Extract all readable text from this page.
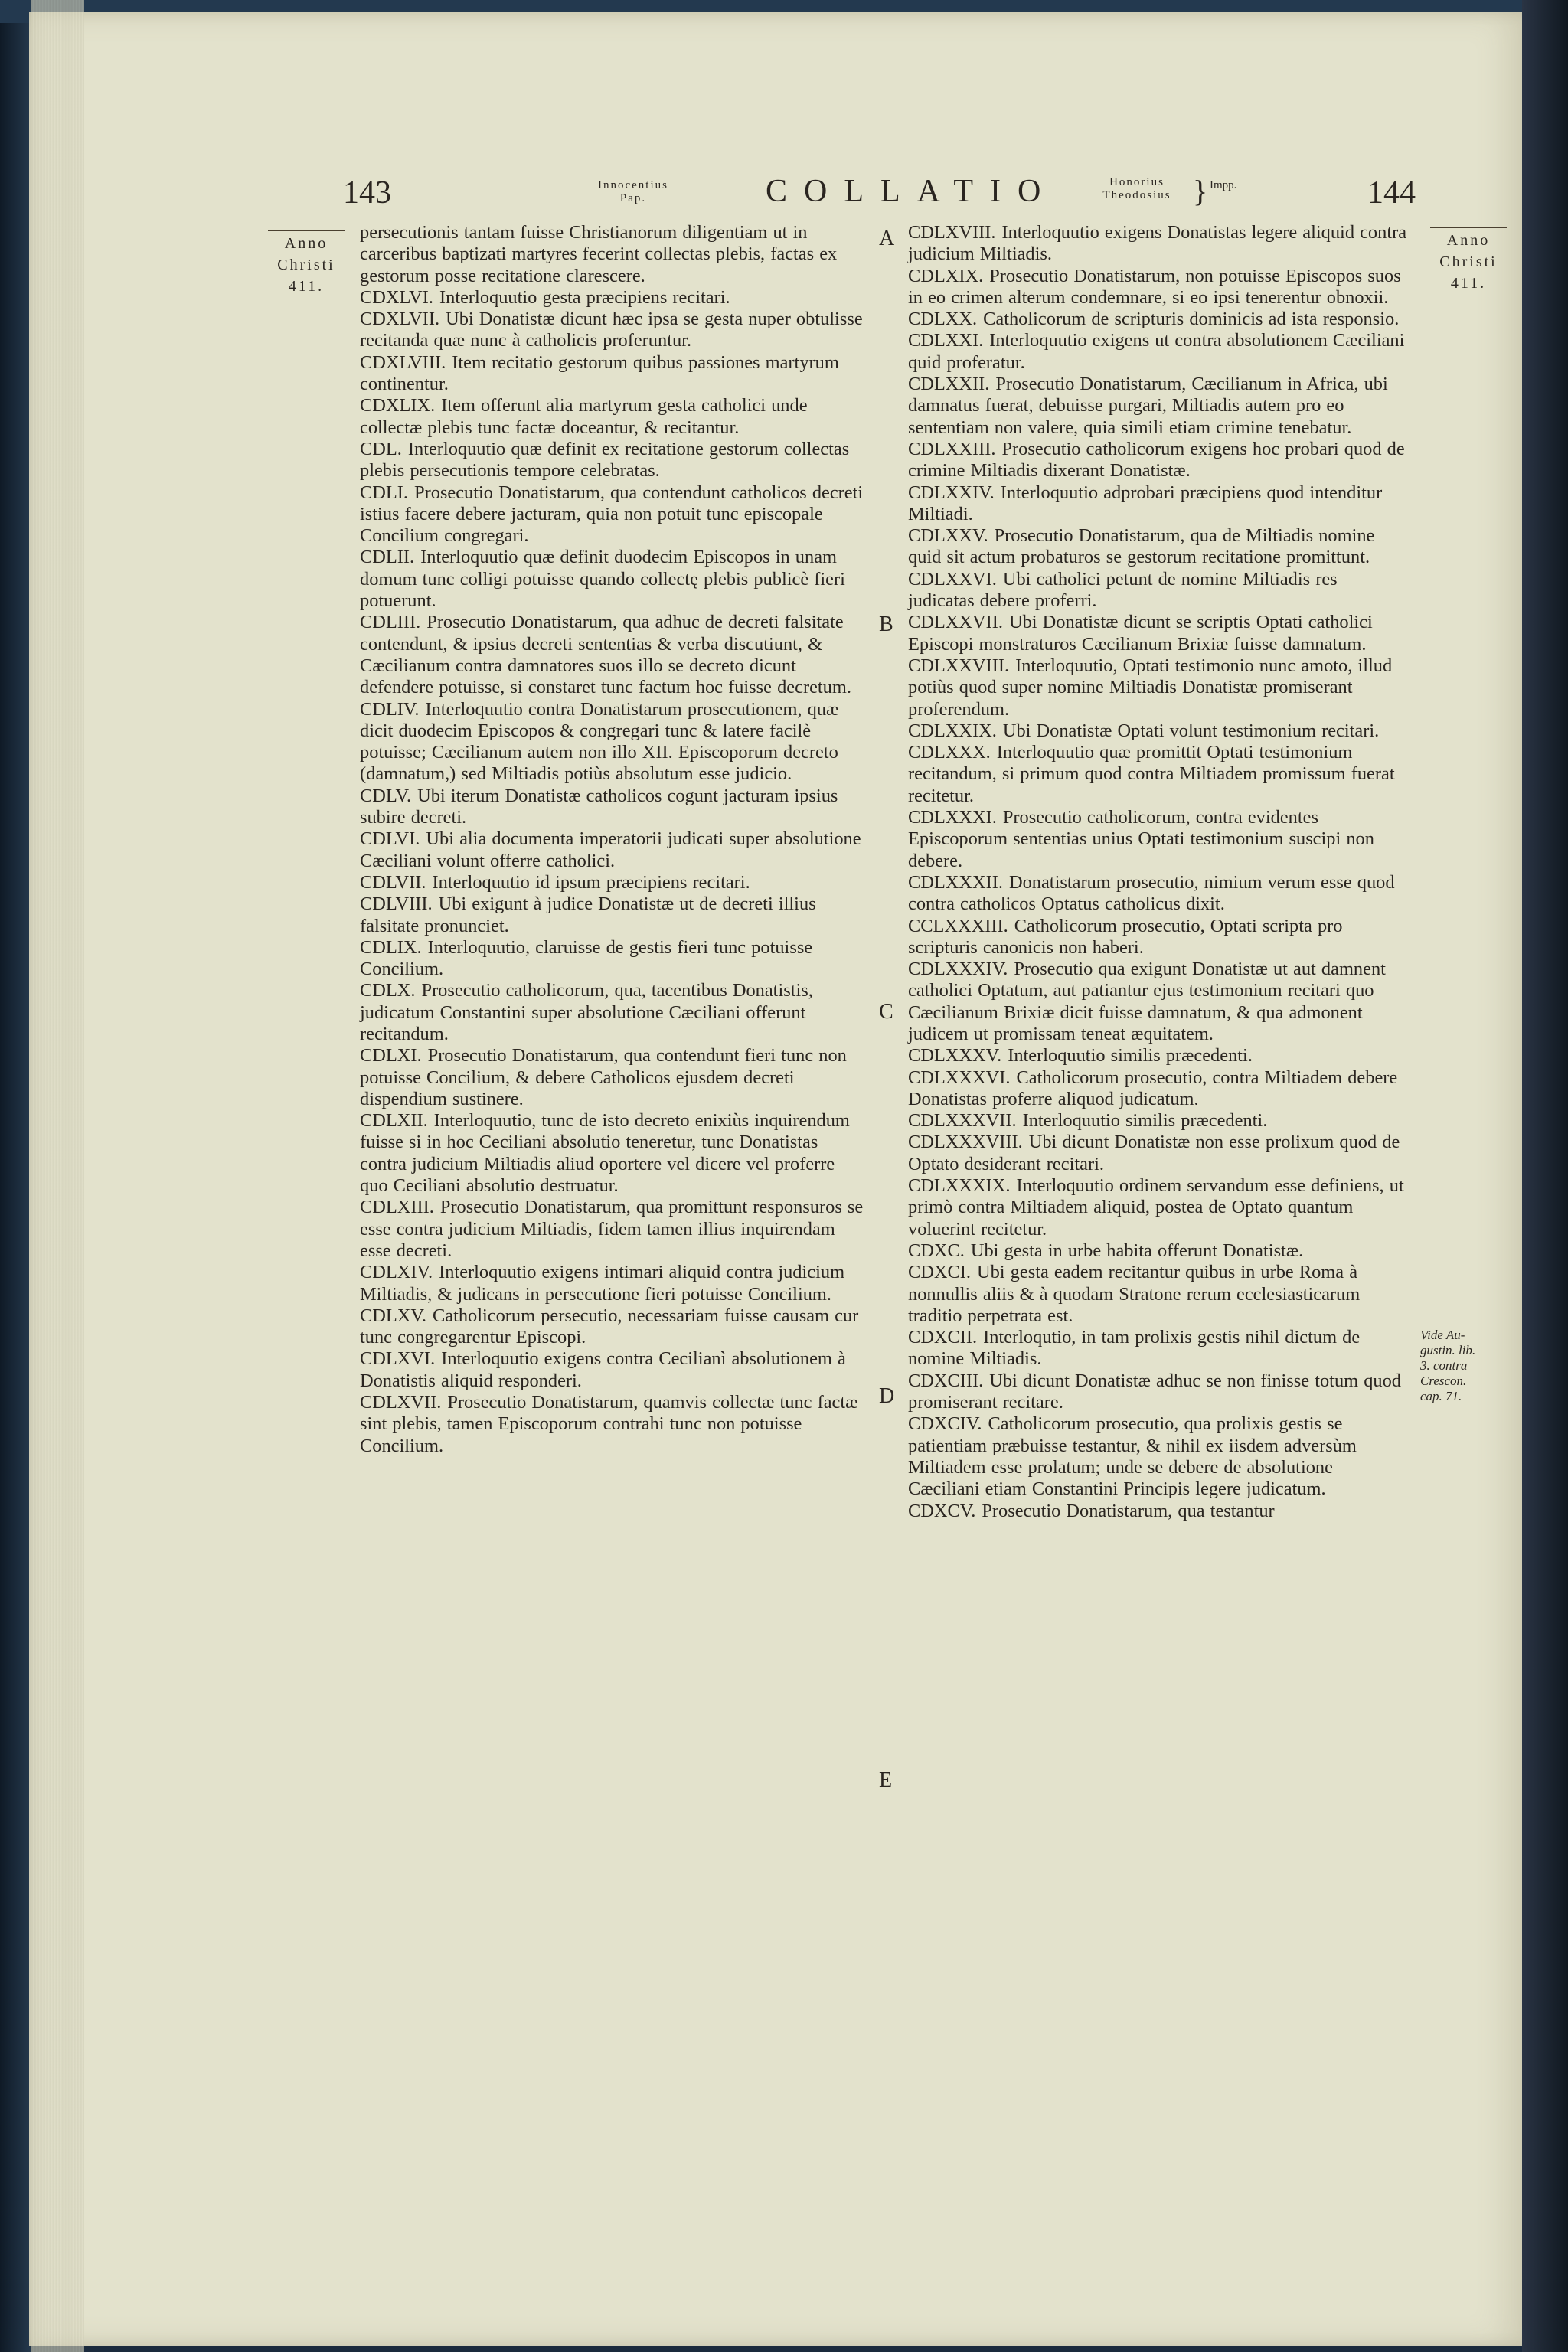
143	Innocentius
Pap.	COLLATIO	Honorius
Theodosius } Impp.	144
Anno
Christi
411.
Anno
Christi
411.
A
B
C
D
E
Vide Au-
gustin. lib.
3. contra
Crescon.
cap. 71.

persecutionis tantam fuisse Christianorum diligentiam ut in carceribus baptizati martyres fecerint collectas plebis, factas ex gestorum posse recitatione clarescere.

CDXLVI. Interloquutio gesta præcipiens recitari.

CDXLVII. Ubi Donatistæ dicunt hæc ipsa se gesta nuper obtulisse recitanda quæ nunc à catholicis proferuntur.

CDXLVIII. Item recitatio gestorum quibus passiones martyrum continentur.

CDXLIX. Item offerunt alia martyrum gesta catholici unde collectæ plebis tunc factæ doceantur, & recitantur.

CDL. Interloquutio quæ definit ex recitatione gestorum collectas plebis persecutionis tempore celebratas.

CDLI. Prosecutio Donatistarum, qua contendunt catholicos decreti istius facere debere jacturam, quia non potuit tunc episcopale Concilium congregari.

CDLII. Interloquutio quæ definit duodecim Episcopos in unam domum tunc colligi potuisse quando collectę plebis publicè fieri potuerunt.

CDLIII. Prosecutio Donatistarum, qua adhuc de decreti falsitate contendunt, & ipsius decreti sententias & verba discutiunt, & Cæcilianum contra damnatores suos illo se decreto dicunt defendere potuisse, si constaret tunc factum hoc fuisse decretum.

CDLIV. Interloquutio contra Donatistarum prosecutionem, quæ dicit duodecim Episcopos & congregari tunc & latere facilè potuisse; Cæcilianum autem non illo XII. Episcoporum decreto (damnatum,) sed Miltiadis potiùs absolutum esse judicio.

CDLV. Ubi iterum Donatistæ catholicos cogunt jacturam ipsius subire decreti.

CDLVI. Ubi alia documenta imperatorii judicati super absolutione Cæciliani volunt offerre catholici.

CDLVII. Interloquutio id ipsum præcipiens recitari.

CDLVIII. Ubi exigunt à judice Donatistæ ut de decreti illius falsitate pronunciet.

CDLIX. Interloquutio, claruisse de gestis fieri tunc potuisse Concilium.

CDLX. Prosecutio catholicorum, qua, tacentibus Donatistis, judicatum Constantini super absolutione Cæciliani offerunt recitandum.

CDLXI. Prosecutio Donatistarum, qua contendunt fieri tunc non potuisse Concilium, & debere Catholicos ejusdem decreti dispendium sustinere.

CDLXII. Interloquutio, tunc de isto decreto enixiùs inquirendum fuisse si in hoc Ceciliani absolutio teneretur, tunc Donatistas contra judicium Miltiadis aliud oportere vel dicere vel proferre quo Ceciliani absolutio destruatur.

CDLXIII. Prosecutio Donatistarum, qua promittunt responsuros se esse contra judicium Miltiadis, fidem tamen illius inquirendam esse decreti.

CDLXIV. Interloquutio exigens intimari aliquid contra judicium Miltiadis, & judicans in persecutione fieri potuisse Concilium.

CDLXV. Catholicorum persecutio, necessariam fuisse causam cur tunc congregarentur Episcopi.

CDLXVI. Interloquutio exigens contra Cecilianì absolutionem à Donatistis aliquid responderi.

CDLXVII. Prosecutio Donatistarum, quamvis collectæ tunc factæ sint plebis, tamen Episcoporum contrahi tunc non potuisse Concilium.

CDLXVIII. Interloquutio exigens Donatistas legere aliquid contra judicium Miltiadis.

CDLXIX. Prosecutio Donatistarum, non potuisse Episcopos suos in eo crimen alterum condemnare, si eo ipsi tenerentur obnoxii.

CDLXX. Catholicorum de scripturis dominicis ad ista responsio.

CDLXXI. Interloquutio exigens ut contra absolutionem Cæciliani quid proferatur.

CDLXXII. Prosecutio Donatistarum, Cæcilianum in Africa, ubi damnatus fuerat, debuisse purgari, Miltiadis autem pro eo sententiam non valere, quia simili etiam crimine tenebatur.

CDLXXIII. Prosecutio catholicorum exigens hoc probari quod de crimine Miltiadis dixerant Donatistæ.

CDLXXIV. Interloquutio adprobari præcipiens quod intenditur Miltiadi.

CDLXXV. Prosecutio Donatistarum, qua de Miltiadis nomine quid sit actum probaturos se gestorum recitatione promittunt.

CDLXXVI. Ubi catholici petunt de nomine Miltiadis res judicatas debere proferri.

CDLXXVII. Ubi Donatistæ dicunt se scriptis Optati catholici Episcopi monstraturos Cæcilianum Brixiæ fuisse damnatum.

CDLXXVIII. Interloquutio, Optati testimonio nunc amoto, illud potiùs quod super nomine Miltiadis Donatistæ promiserant proferendum.

CDLXXIX. Ubi Donatistæ Optati volunt testimonium recitari.

CDLXXX. Interloquutio quæ promittit Optati testimonium recitandum, si primum quod contra Miltiadem promissum fuerat recitetur.

CDLXXXI. Prosecutio catholicorum, contra evidentes Episcoporum sententias unius Optati testimonium suscipi non debere.

CDLXXXII. Donatistarum prosecutio, nimium verum esse quod contra catholicos Optatus catholicus dixit.

CCLXXXIII. Catholicorum prosecutio, Optati scripta pro scripturis canonicis non haberi.

CDLXXXIV. Prosecutio qua exigunt Donatistæ ut aut damnent catholici Optatum, aut patiantur ejus testimonium recitari quo Cæcilianum Brixiæ dicit fuisse damnatum, & qua admonent judicem ut promissam teneat æquitatem.

CDLXXXV. Interloquutio similis præcedenti.

CDLXXXVI. Catholicorum prosecutio, contra Miltiadem debere Donatistas proferre aliquod judicatum.

CDLXXXVII. Interloquutio similis præcedenti.

CDLXXXVIII. Ubi dicunt Donatistæ non esse prolixum quod de Optato desiderant recitari.

CDLXXXIX. Interloquutio ordinem servandum esse definiens, ut primò contra Miltiadem aliquid, postea de Optato quantum voluerint recitetur.

CDXC. Ubi gesta in urbe habita offerunt Donatistæ.

CDXCI. Ubi gesta eadem recitantur quibus in urbe Roma à nonnullis aliis & à quodam Stratone rerum ecclesiasticarum traditio perpetrata est.

CDXCII. Interloqutio, in tam prolixis gestis nihil dictum de nomine Miltiadis.

CDXCIII. Ubi dicunt Donatistæ adhuc se non finisse totum quod promiserant recitare.

CDXCIV. Catholicorum prosecutio, qua prolixis gestis se patientiam præbuisse testantur, & nihil ex iisdem adversùm Miltiadem esse prolatum; unde se debere de absolutione Cæciliani etiam Constantini Principis legere judicatum.

CDXCV. Prosecutio Donatistarum, qua testantur
